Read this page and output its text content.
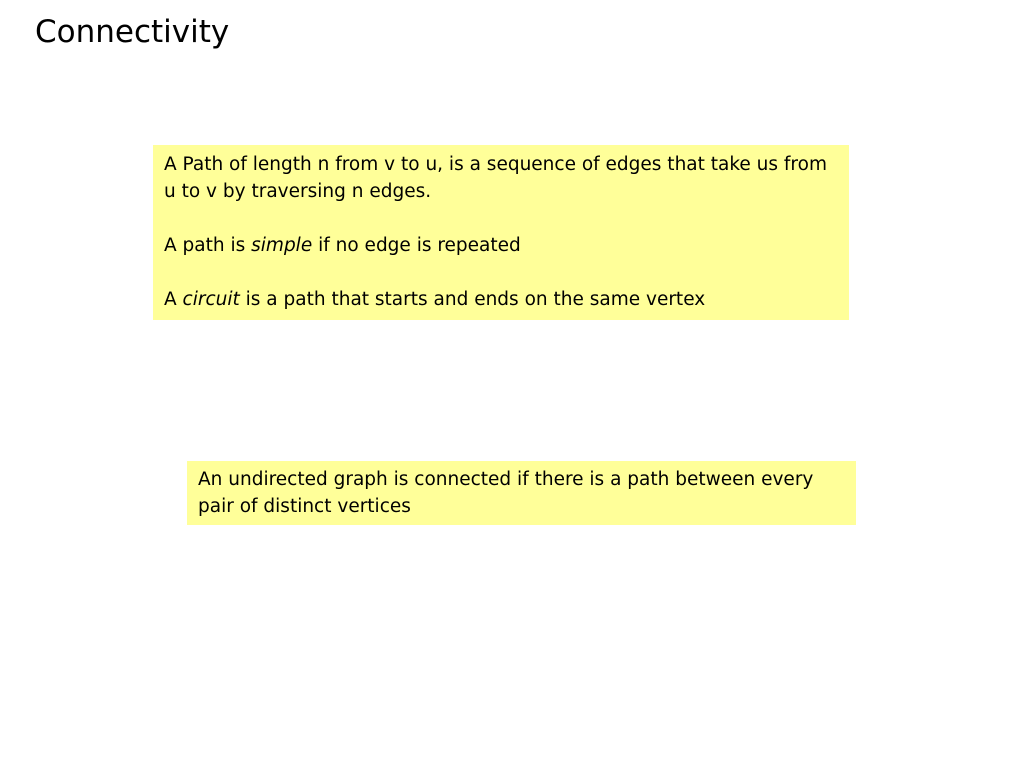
Connectivity

A Path of length n from v to u, is a sequence of edges that take us from u to v by traversing n edges.

A path is simple if no edge is repeated

A circuit is a path that starts and ends on the same vertex

An undirected graph is connected if there is a path between every pair of distinct vertices
